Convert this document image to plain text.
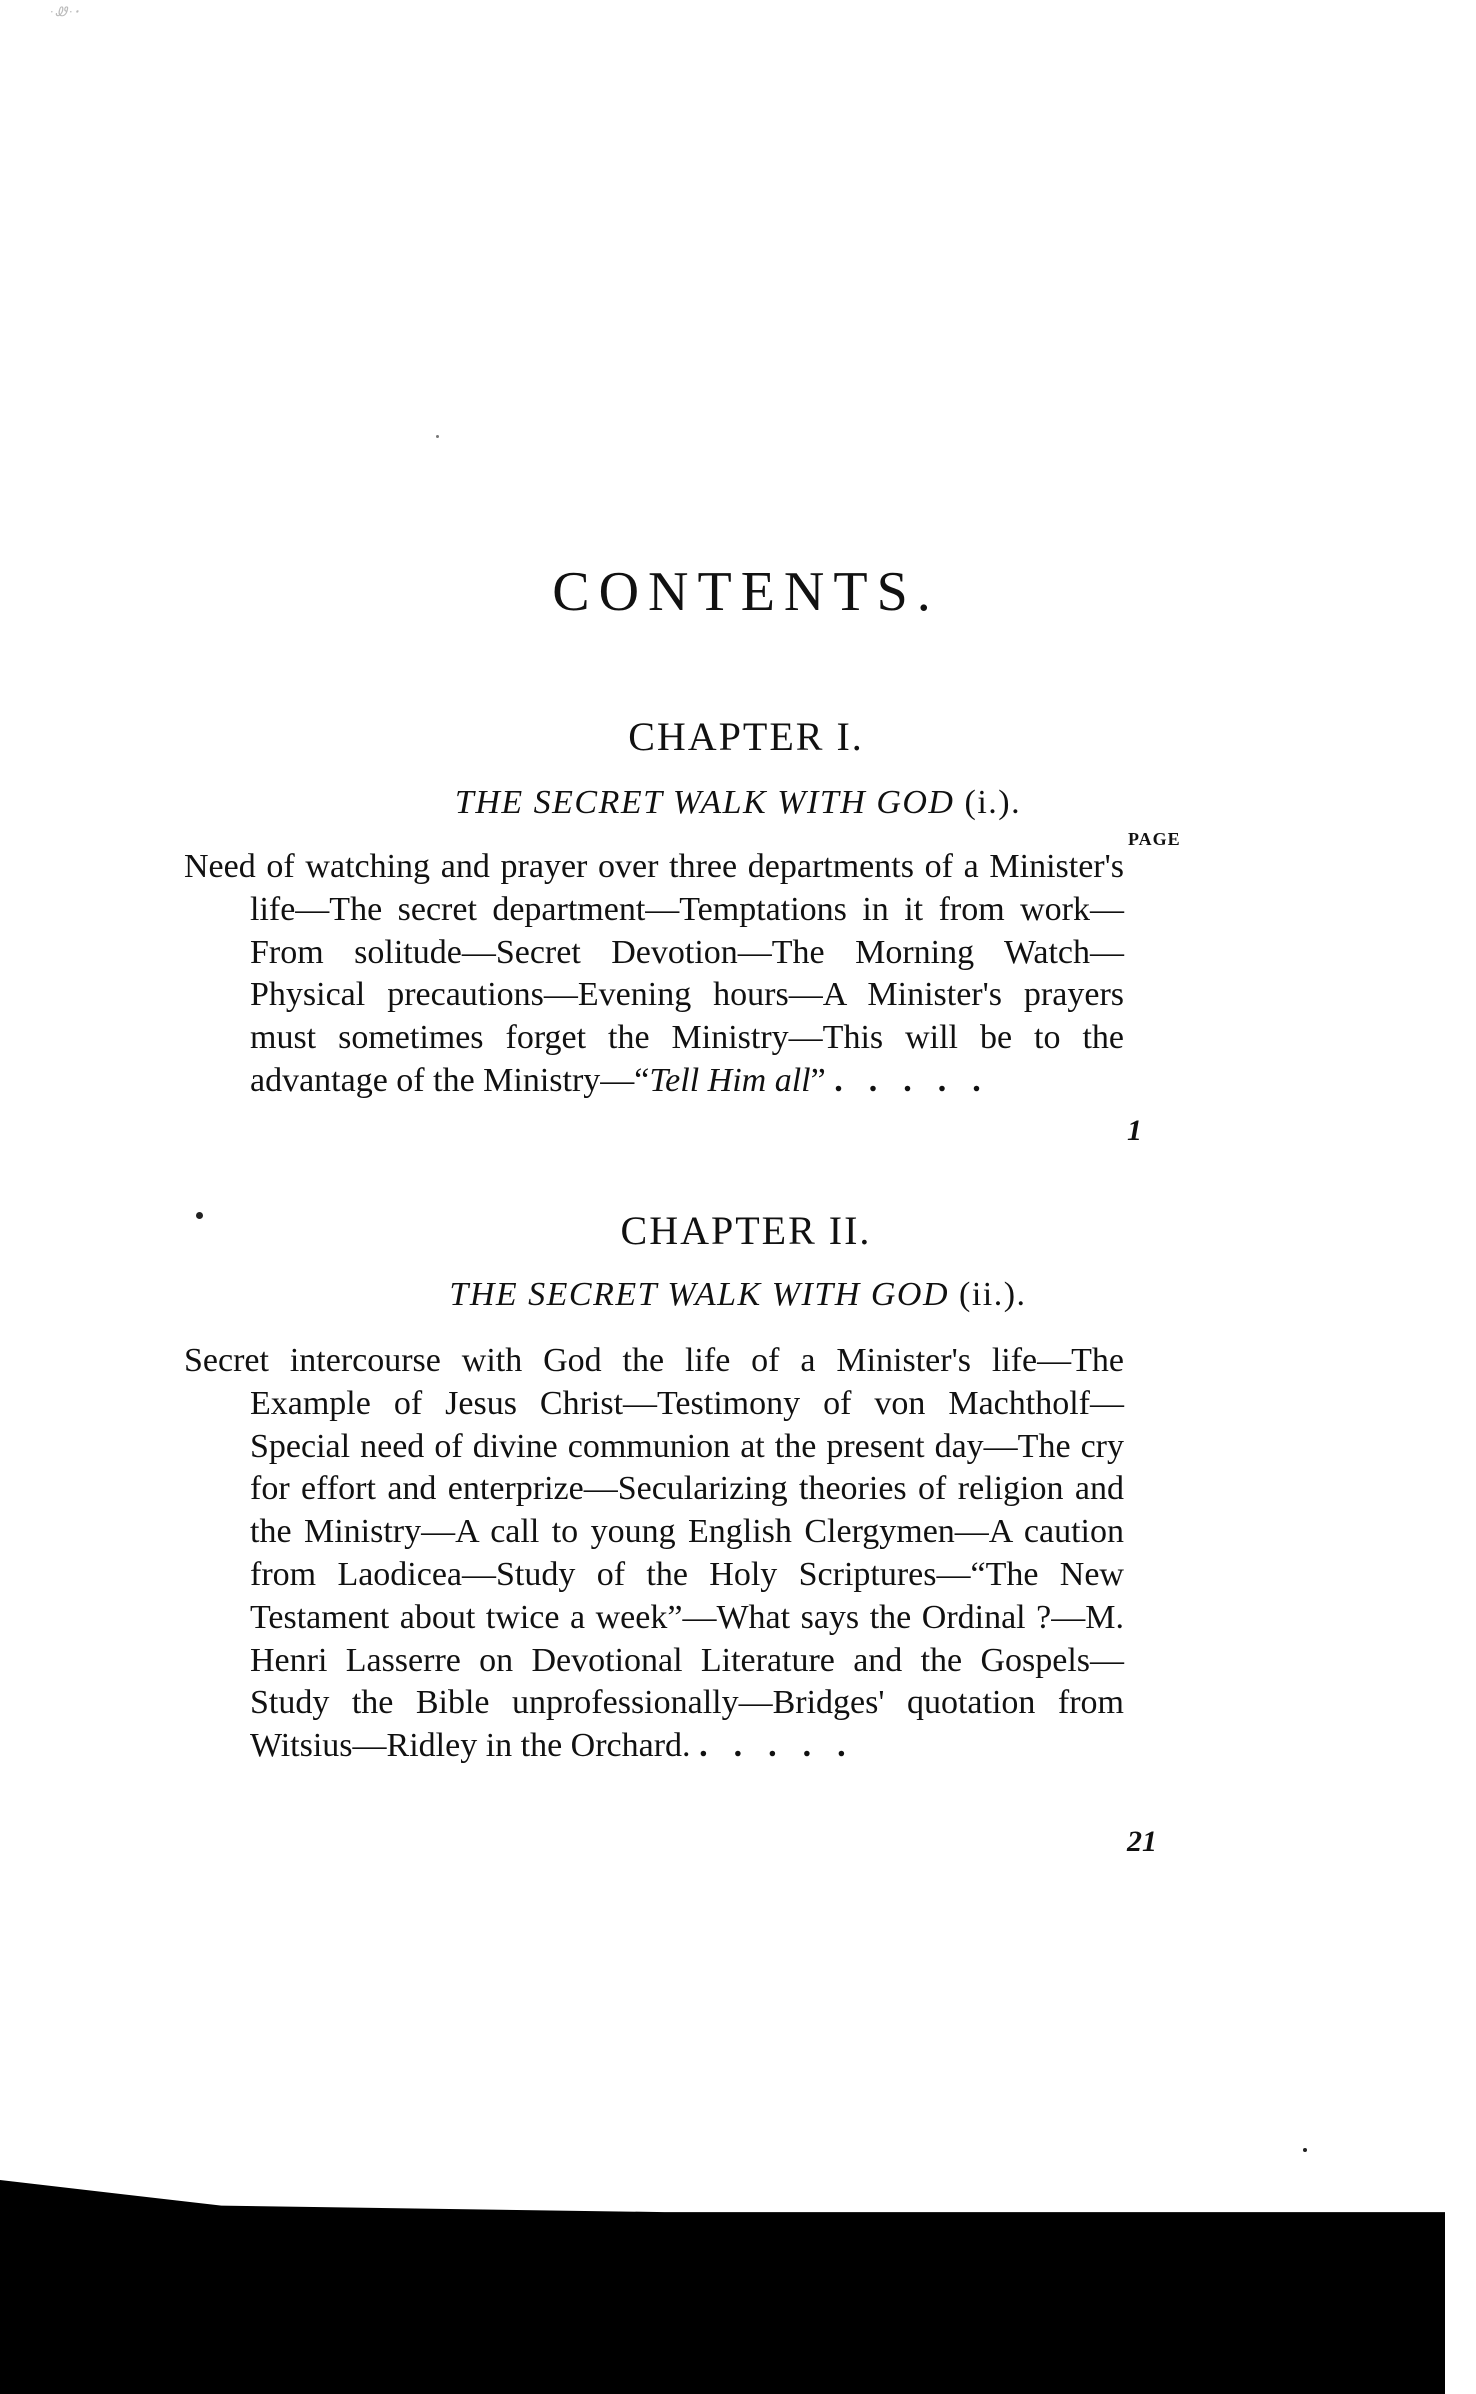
·Ꮺ·ꞏ
CONTENTS.
CHAPTER I.
THE SECRET WALK WITH GOD (i.).
PAGE

Need of watching and prayer over three departments of a Minister's life—The secret department—Temptations in it from work—From solitude—Secret Devotion—The Morning Watch—Physical precautions—Evening hours—A Minister's prayers must sometimes forget the Ministry—This will be to the advantage of the Ministry—“Tell Him all” .....

1
CHAPTER II.
THE SECRET WALK WITH GOD (ii.).

Secret intercourse with God the life of a Minister's life—The Example of Jesus Christ—Testimony of von Machtholf—Special need of divine communion at the present day—The cry for effort and enterprize—Secularizing theories of religion and the Ministry—A call to young English Clergymen—A caution from Laodicea—Study of the Holy Scriptures—“The New Testament about twice a week”—What says the Ordinal ?—M. Henri Lasserre on Devotional Literature and the Gospels—Study the Bible unprofessionally—Bridges' quotation from Witsius—Ridley in the Orchard. .....

21
